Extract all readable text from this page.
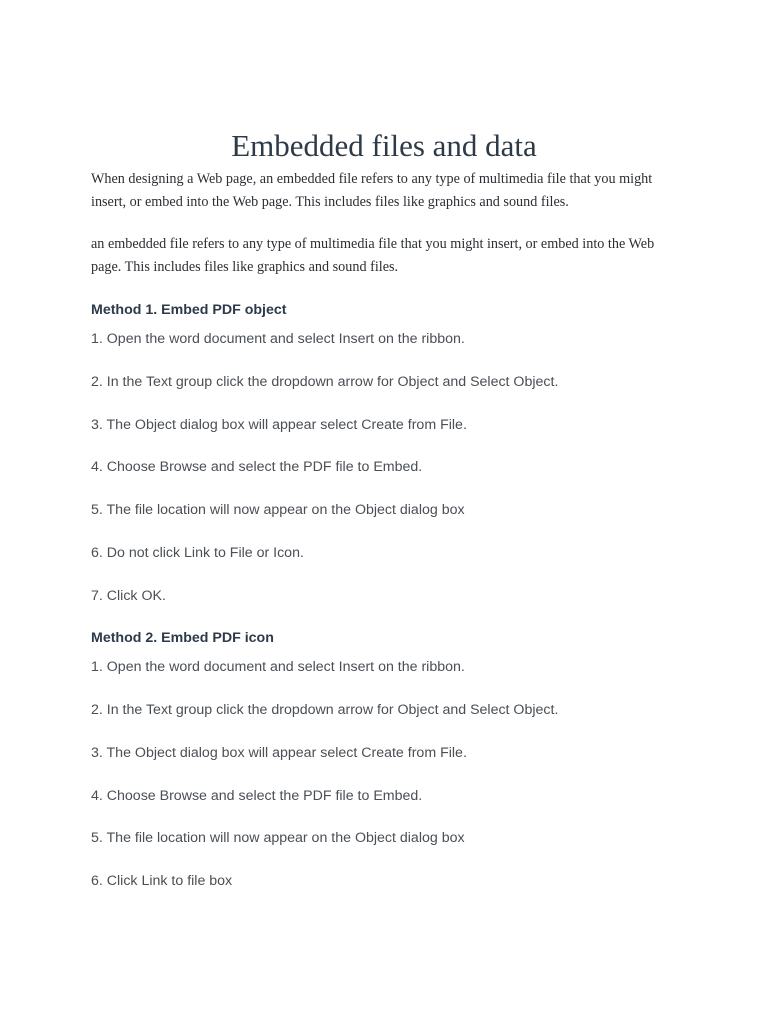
Embedded files and data

When designing a Web page, an embedded file refers to any type of multimedia file that you might insert, or embed into the Web page. This includes files like graphics and sound files.

an embedded file refers to any type of multimedia file that you might insert, or embed into the Web page. This includes files like graphics and sound files.

Method 1. Embed PDF object

1. Open the word document and select Insert on the ribbon.

2. In the Text group click the dropdown arrow for Object and Select Object.

3. The Object dialog box will appear select Create from File.

4. Choose Browse and select the PDF file to Embed.

5. The file location will now appear on the Object dialog box

6. Do not click Link to File or Icon.

7. Click OK.

Method 2. Embed PDF icon

1. Open the word document and select Insert on the ribbon.

2. In the Text group click the dropdown arrow for Object and Select Object.

3. The Object dialog box will appear select Create from File.

4. Choose Browse and select the PDF file to Embed.

5. The file location will now appear on the Object dialog box

6. Click Link to file box
